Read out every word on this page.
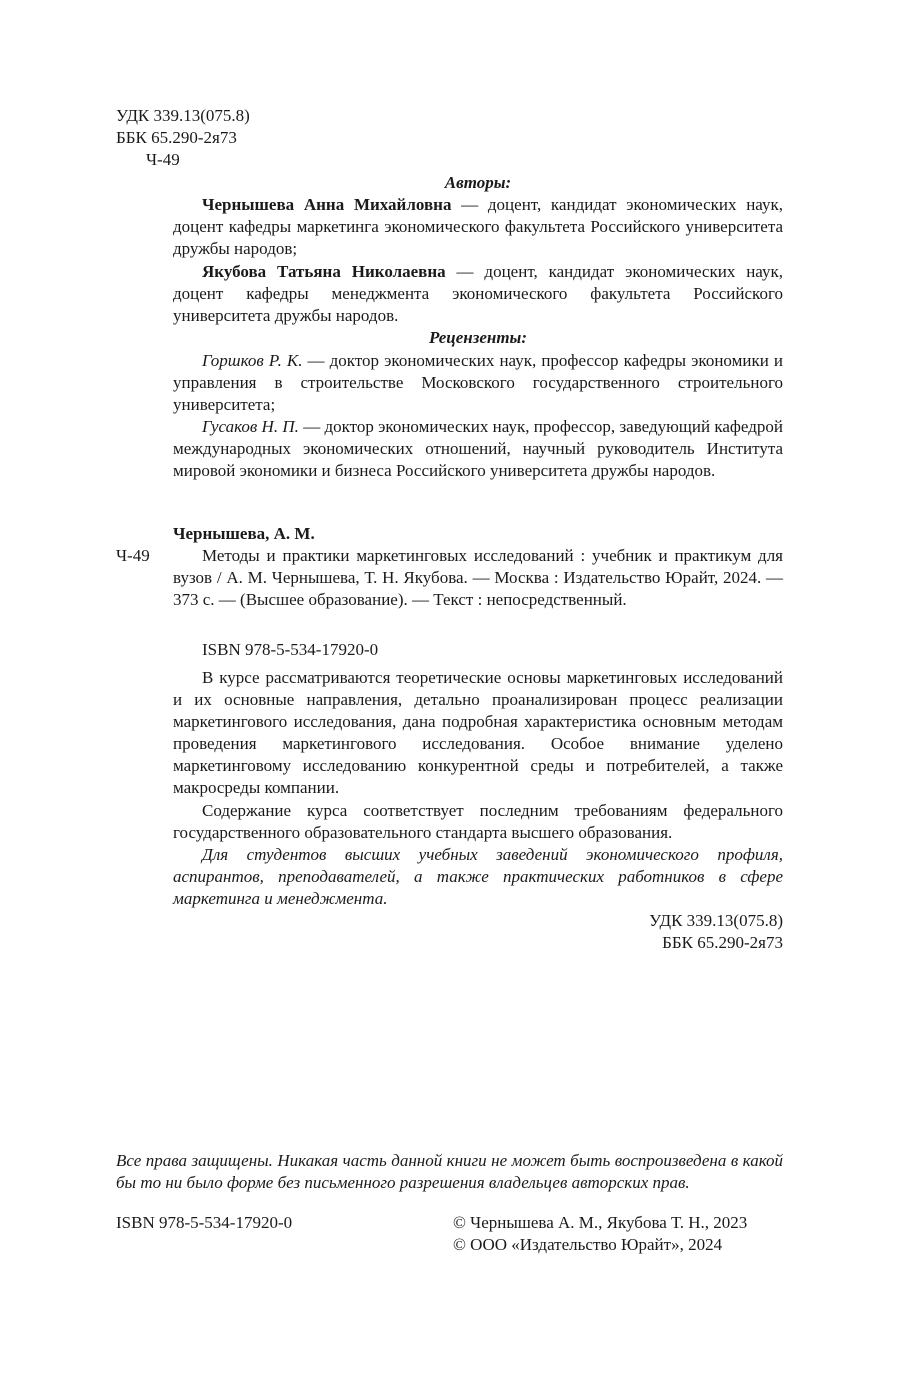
УДК 339.13(075.8)
ББК 65.290-2я73
Ч-49
Авторы:
Чернышева Анна Михайловна — доцент, кандидат экономических наук, доцент кафедры маркетинга экономического факультета Российского университета дружбы народов;
Якубова Татьяна Николаевна — доцент, кандидат экономических наук, доцент кафедры менеджмента экономического факультета Российского университета дружбы народов.
Рецензенты:
Горшков Р. К. — доктор экономических наук, профессор кафедры экономики и управления в строительстве Московского государственного строительного университета;
Гусаков Н. П. — доктор экономических наук, профессор, заведующий кафедрой международных экономических отношений, научный руководитель Института мировой экономики и бизнеса Российского университета дружбы народов.
Чернышева, А. М.
Ч-49	Методы и практики маркетинговых исследований : учебник и практикум для вузов / А. М. Чернышева, Т. Н. Якубова. — Москва : Издательство Юрайт, 2024. — 373 с. — (Высшее образование). — Текст : непосредственный.
ISBN 978-5-534-17920-0
В курсе рассматриваются теоретические основы маркетинговых исследований и их основные направления, детально проанализирован процесс реализации маркетингового исследования, дана подробная характеристика основным методам проведения маркетингового исследования. Особое внимание уделено маркетинговому исследованию конкурентной среды и потребителей, а также макросреды компании.
Содержание курса соответствует последним требованиям федерального государственного образовательного стандарта высшего образования.
Для студентов высших учебных заведений экономического профиля, аспирантов, преподавателей, а также практических работников в сфере маркетинга и менеджмента.
УДК 339.13(075.8)
ББК 65.290-2я73
Все права защищены. Никакая часть данной книги не может быть воспроизведена в какой бы то ни было форме без письменного разрешения владельцев авторских прав.
ISBN 978-5-534-17920-0	© Чернышева А. М., Якубова Т. Н., 2023
© ООО «Издательство Юрайт», 2024
